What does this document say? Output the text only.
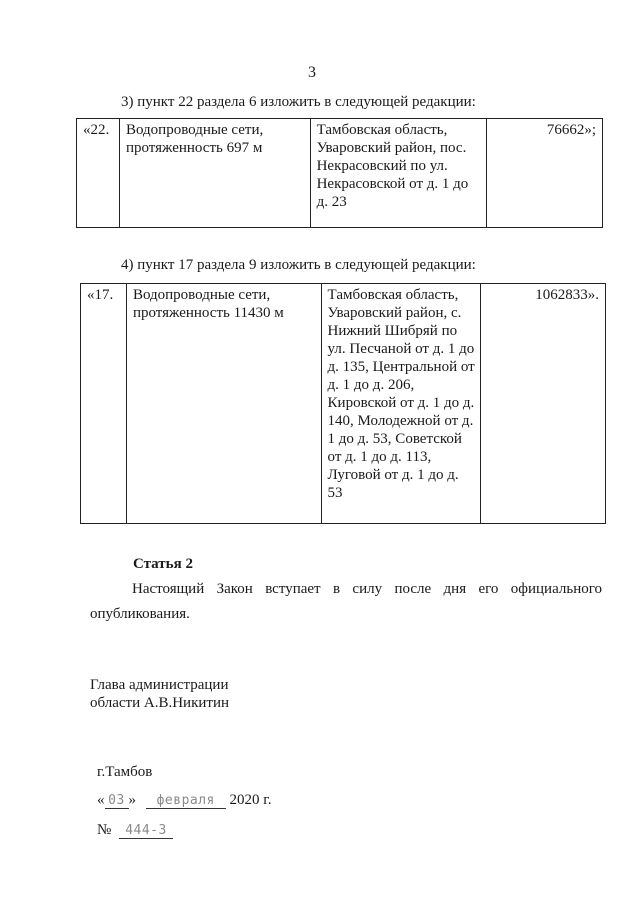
3
3) пункт 22 раздела 6 изложить в следующей редакции:
«22.	Водопроводные сети, протяженность 697 м	Тамбовская область, Уваровский район, пос. Некрасовский по ул. Некрасовской от д. 1 до д. 23	76662»;
4) пункт 17 раздела 9 изложить в следующей редакции:
«17.	Водопроводные сети, протяженность 11430 м	Тамбовская область, Уваровский район, с. Нижний Шибряй по ул. Песчаной от д. 1 до д. 135, Центральной от д. 1 до д. 206, Кировской от д. 1 до д. 140, Молодежной от д. 1 до д. 53, Советской от д. 1 до д. 113, Луговой от д. 1 до д. 53	1062833».
Статья 2
Настоящий Закон вступает в силу после дня его официального опубликования.
Глава администрации
области А.В.Никитин
г.Тамбов
« 03 » февраля 2020 г.
№ 444-З
